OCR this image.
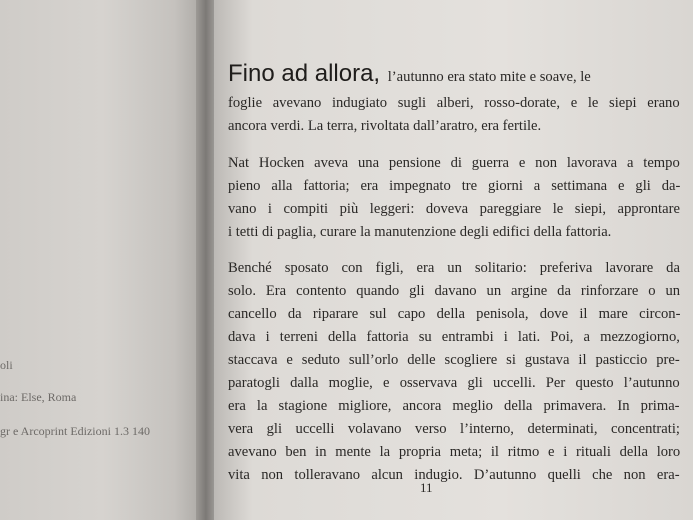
oli
ina: Else, Roma
gr e Arcoprint Edizioni 1.3 140
Fino ad allora, l’autunno era stato mite e soave, le
foglie avevano indugiato sugli alberi, rosso-dorate, e le siepi erano
ancora verdi. La terra, rivoltata dall’aratro, era fertile.
Nat Hocken aveva una pensione di guerra e non lavorava a tempo
pieno alla fattoria; era impegnato tre giorni a settimana e gli da-
vano i compiti più leggeri: doveva pareggiare le siepi, approntare
i tetti di paglia, curare la manutenzione degli edifici della fattoria.
Benché sposato con figli, era un solitario: preferiva lavorare da
solo. Era contento quando gli davano un argine da rinforzare o un
cancello da riparare sul capo della penisola, dove il mare circon-
dava i terreni della fattoria su entrambi i lati. Poi, a mezzogiorno,
staccava e seduto sull’orlo delle scogliere si gustava il pasticcio pre-
paratogli dalla moglie, e osservava gli uccelli. Per questo l’autunno
era la stagione migliore, ancora meglio della primavera. In prima-
vera gli uccelli volavano verso l’interno, determinati, concentrati;
avevano ben in mente la propria meta; il ritmo e i rituali della loro
vita non tolleravano alcun indugio. D’autunno quelli che non era-
11
